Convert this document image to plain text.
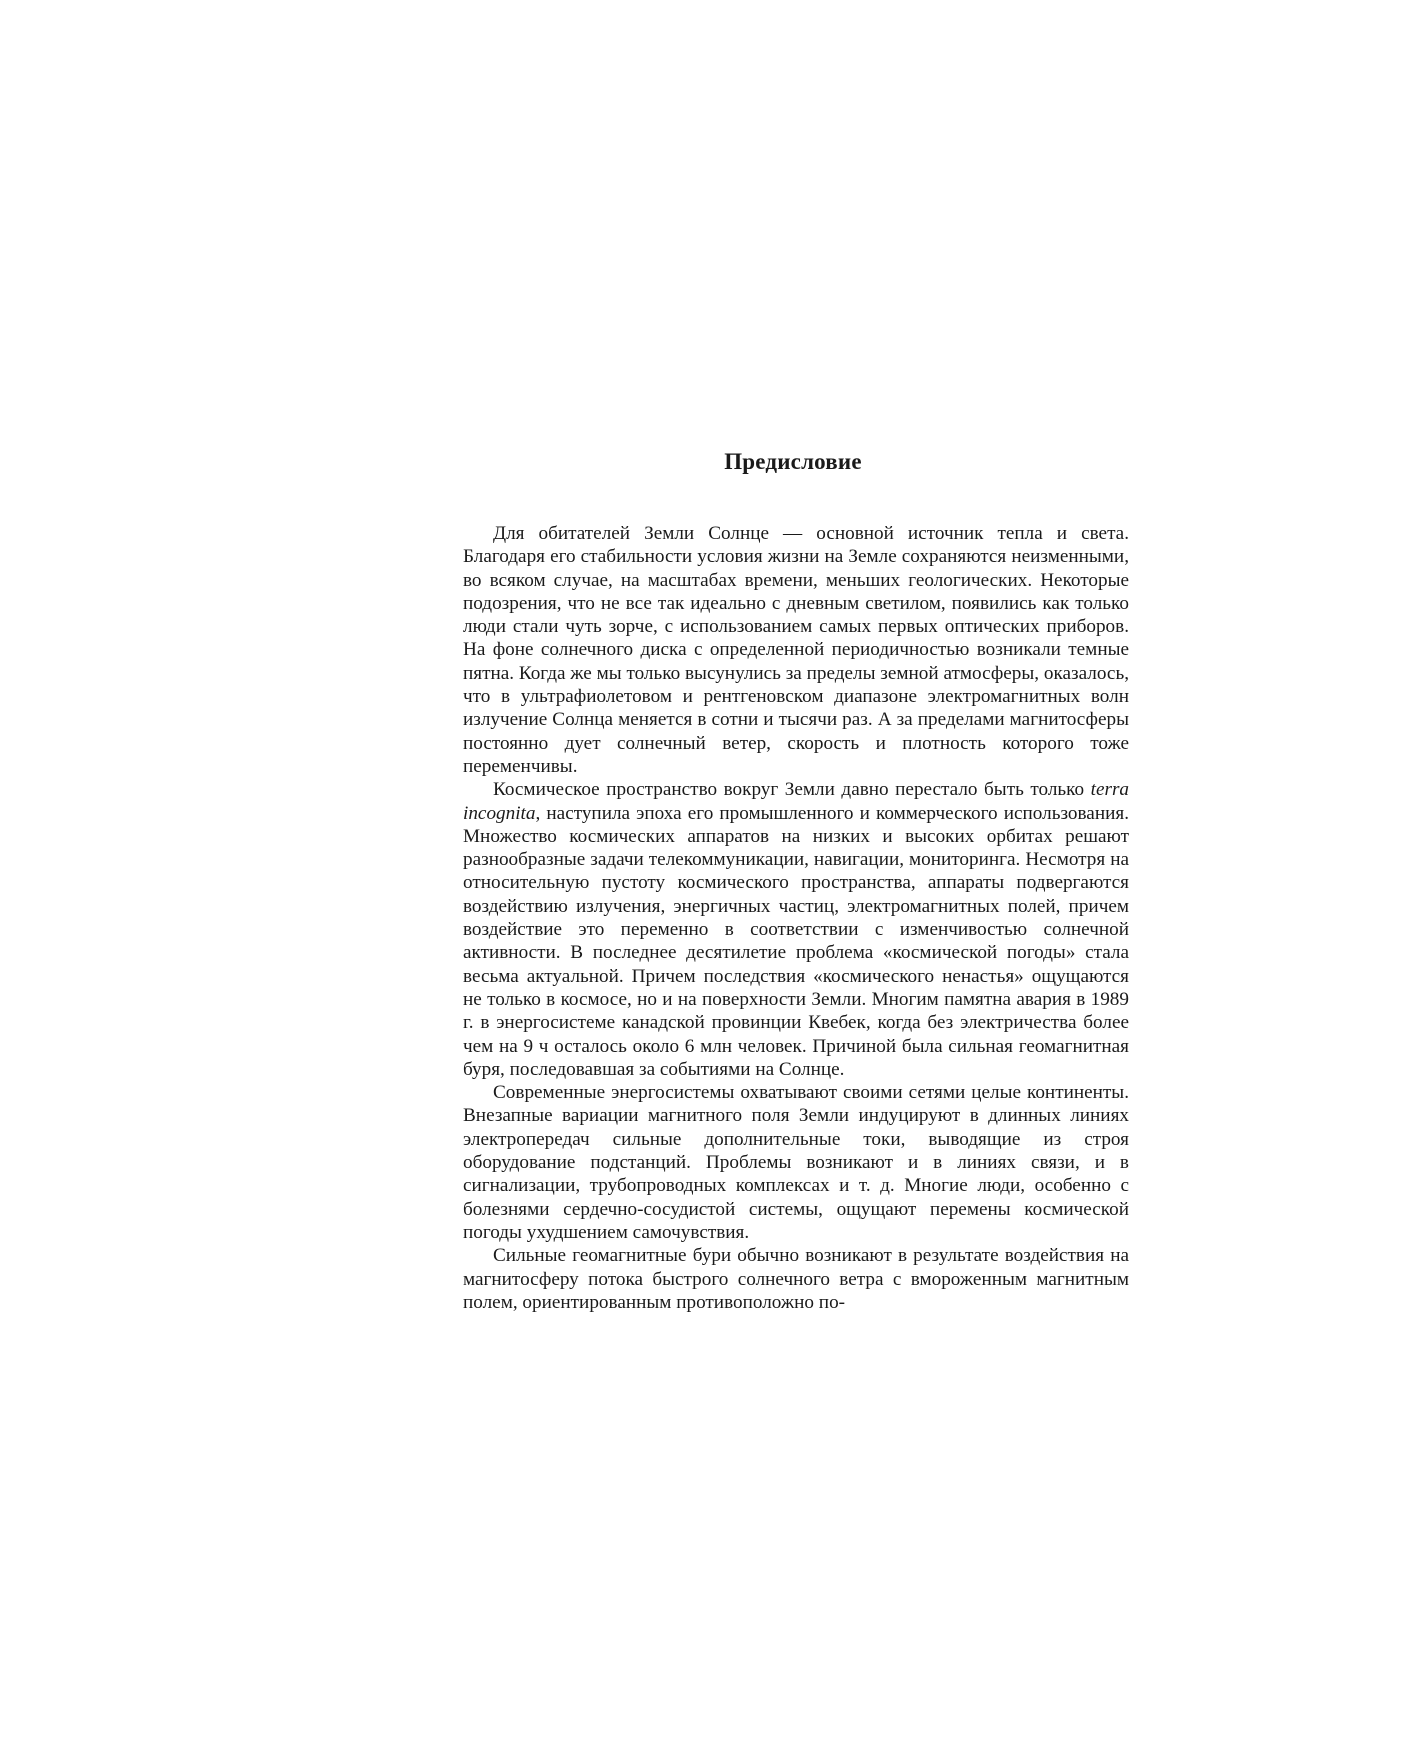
Предисловие

Для обитателей Земли Солнце — основной источник тепла и света. Благодаря его стабильности условия жизни на Земле сохраняются неизменными, во всяком случае, на масштабах времени, меньших геологических. Некоторые подозрения, что не все так идеально с дневным светилом, появились как только люди стали чуть зорче, с использованием самых первых оптических приборов. На фоне солнечного диска с определенной периодичностью возникали темные пятна. Когда же мы только высунулись за пределы земной атмосферы, оказалось, что в ультрафиолетовом и рентгеновском диапазоне электромагнитных волн излучение Солнца меняется в сотни и тысячи раз. А за пределами магнитосферы постоянно дует солнечный ветер, скорость и плотность которого тоже переменчивы.

Космическое пространство вокруг Земли давно перестало быть только terra incognita, наступила эпоха его промышленного и коммерческого использования. Множество космических аппаратов на низких и высоких орбитах решают разнообразные задачи телекоммуникации, навигации, мониторинга. Несмотря на относительную пустоту космического пространства, аппараты подвергаются воздействию излучения, энергичных частиц, электромагнитных полей, причем воздействие это переменно в соответствии с изменчивостью солнечной активности. В последнее десятилетие проблема «космической погоды» стала весьма актуальной. Причем последствия «космического ненастья» ощущаются не только в космосе, но и на поверхности Земли. Многим памятна авария в 1989 г. в энергосистеме канадской провинции Квебек, когда без электричества более чем на 9 ч осталось около 6 млн человек. Причиной была сильная геомагнитная буря, последовавшая за событиями на Солнце.

Современные энергосистемы охватывают своими сетями целые континенты. Внезапные вариации магнитного поля Земли индуцируют в длинных линиях электропередач сильные дополнительные токи, выводящие из строя оборудование подстанций. Проблемы возникают и в линиях связи, и в сигнализации, трубопроводных комплексах и т. д. Многие люди, особенно с болезнями сердечно-сосудистой системы, ощущают перемены космической погоды ухудшением самочувствия.

Сильные геомагнитные бури обычно возникают в результате воздействия на магнитосферу потока быстрого солнечного ветра с вмороженным магнитным полем, ориентированным противоположно по-
